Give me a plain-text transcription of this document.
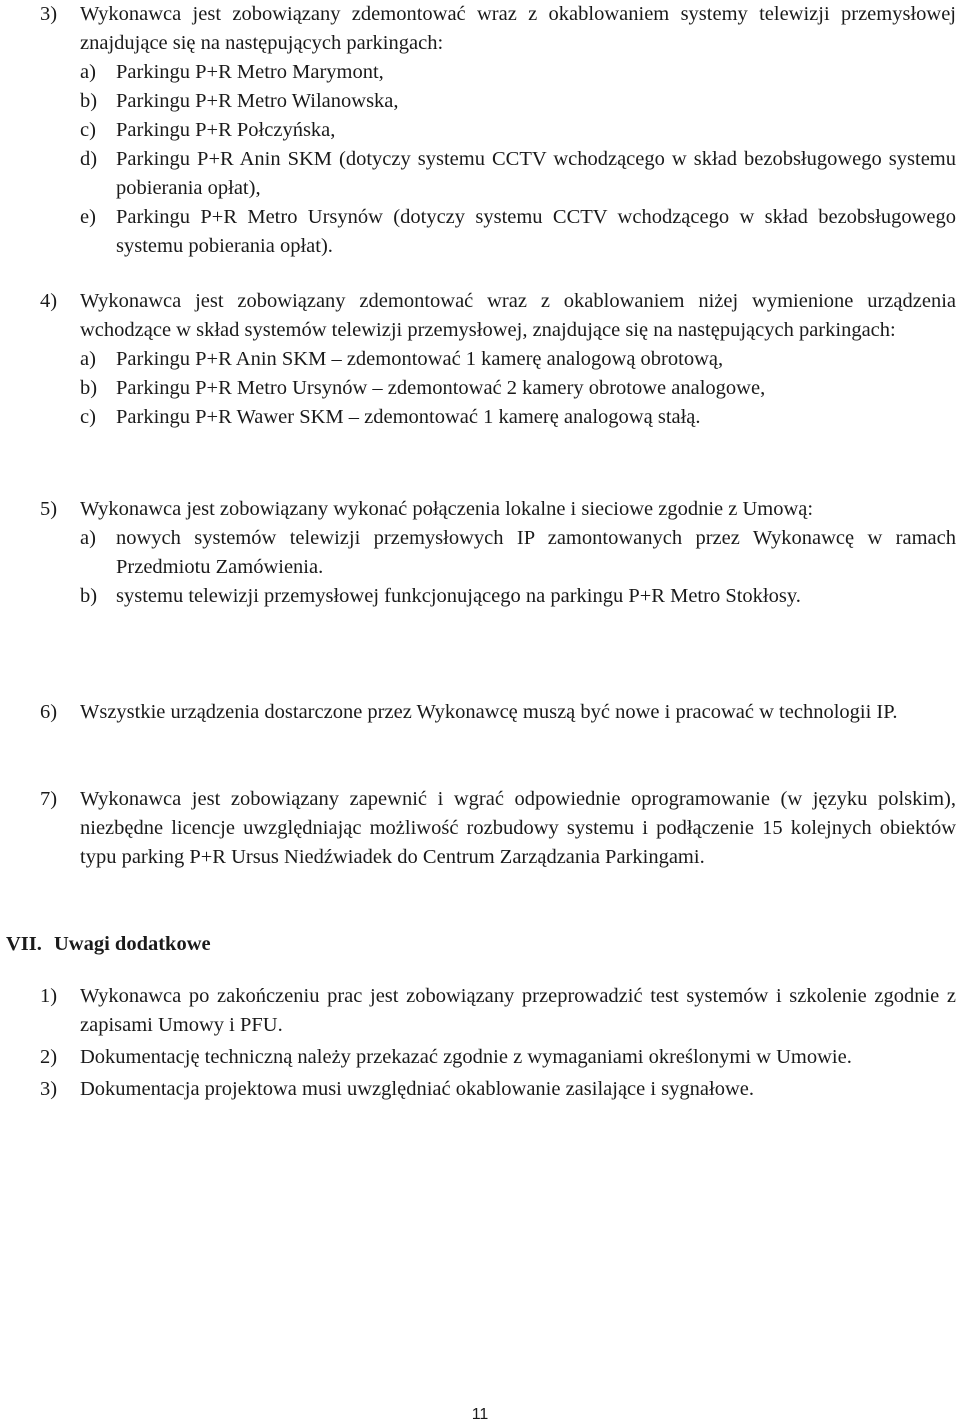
3)	Wykonawca jest zobowiązany zdemontować wraz z okablowaniem systemy telewizji przemysłowej znajdujące się na następujących parkingach:
a) Parkingu P+R Metro Marymont,
b) Parkingu P+R Metro Wilanowska,
c) Parkingu P+R Połczyńska,
d) Parkingu P+R Anin SKM (dotyczy systemu CCTV wchodzącego w skład bezobsługowego systemu pobierania opłat),
e) Parkingu P+R Metro Ursynów (dotyczy systemu CCTV wchodzącego w skład bezobsługowego systemu pobierania opłat).
4)	Wykonawca jest zobowiązany zdemontować wraz z okablowaniem niżej wymienione urządzenia wchodzące w skład systemów telewizji przemysłowej, znajdujące się na następujących parkingach:
a) Parkingu P+R Anin SKM – zdemontować 1 kamerę analogową obrotową,
b) Parkingu P+R Metro Ursynów – zdemontować 2 kamery obrotowe analogowe,
c) Parkingu P+R Wawer SKM – zdemontować 1 kamerę analogową stałą.
5)	Wykonawca jest zobowiązany wykonać połączenia lokalne i sieciowe zgodnie z Umową:
a) nowych systemów telewizji przemysłowych IP zamontowanych przez Wykonawcę w ramach Przedmiotu Zamówienia.
b) systemu telewizji przemysłowej funkcjonującego na parkingu P+R Metro Stokłosy.
6)	Wszystkie urządzenia dostarczone przez Wykonawcę muszą być nowe i pracować w technologii IP.
7)	Wykonawca jest zobowiązany zapewnić i wgrać odpowiednie oprogramowanie (w języku polskim), niezbędne licencje uwzględniając możliwość rozbudowy systemu i podłączenie 15 kolejnych obiektów typu parking P+R Ursus Niedźwiadek do Centrum Zarządzania Parkingami.
VII. Uwagi dodatkowe
1)	Wykonawca po zakończeniu prac jest zobowiązany przeprowadzić test systemów i szkolenie zgodnie z zapisami Umowy i PFU.
2)	Dokumentację techniczną należy przekazać zgodnie z wymaganiami określonymi w Umowie.
3)	Dokumentacja projektowa musi uwzględniać okablowanie zasilające i sygnałowe.
11
